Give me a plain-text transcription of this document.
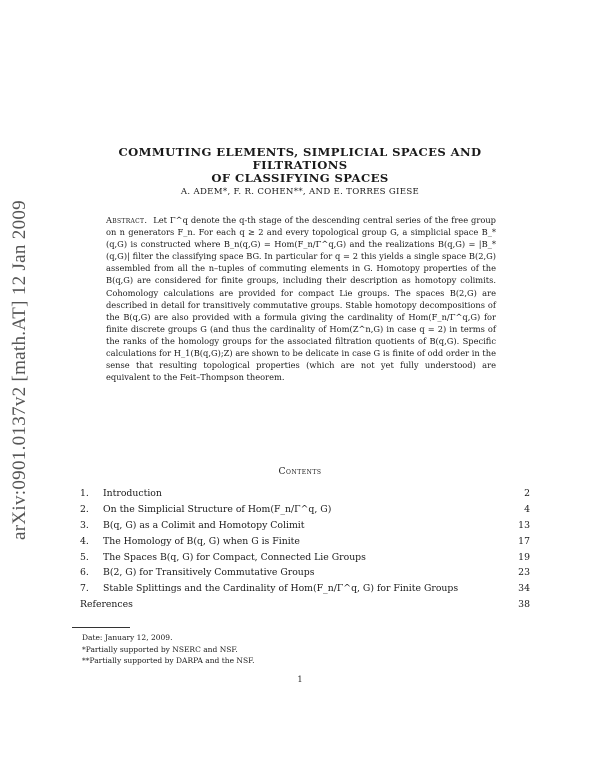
arXiv:0901.0137v2 [math.AT] 12 Jan 2009
COMMUTING ELEMENTS, SIMPLICIAL SPACES AND FILTRATIONS
OF CLASSIFYING SPACES
A. ADEM*, F. R. COHEN**, AND E. TORRES GIESE

Abstract. Let Γ^q denote the q-th stage of the descending central series of the free group on n generators F_n. For each q ≥ 2 and every topological group G, a simplicial space B_*(q,G) is constructed where B_n(q,G) = Hom(F_n/Γ^q,G) and the realizations B(q,G) = |B_*(q,G)| filter the classifying space BG. In particular for q = 2 this yields a single space B(2,G) assembled from all the n–tuples of commuting elements in G. Homotopy properties of the B(q,G) are considered for finite groups, including their description as homotopy colimits. Cohomology calculations are provided for compact Lie groups. The spaces B(2,G) are described in detail for transitively commutative groups. Stable homotopy decompositions of the B(q,G) are also provided with a formula giving the cardinality of Hom(F_n/Γ^q,G) for finite discrete groups G (and thus the cardinality of Hom(Z^n,G) in case q = 2) in terms of the ranks of the homology groups for the associated filtration quotients of B(q,G). Specific calculations for H_1(B(q,G);Z) are shown to be delicate in case G is finite of odd order in the sense that resulting topological properties (which are not yet fully understood) are equivalent to the Feit–Thompson theorem.

Contents
1.	Introduction	2
2.	On the Simplicial Structure of Hom(F_n/Γ^q, G)	4
3.	B(q, G) as a Colimit and Homotopy Colimit	13
4.	The Homology of B(q, G) when G is Finite	17
5.	The Spaces B(q, G) for Compact, Connected Lie Groups	19
6.	B(2, G) for Transitively Commutative Groups	23
7.	Stable Splittings and the Cardinality of Hom(F_n/Γ^q, G) for Finite Groups	34
References	38
Date: January 12, 2009.
*Partially supported by NSERC and NSF.
**Partially supported by DARPA and the NSF.
1
